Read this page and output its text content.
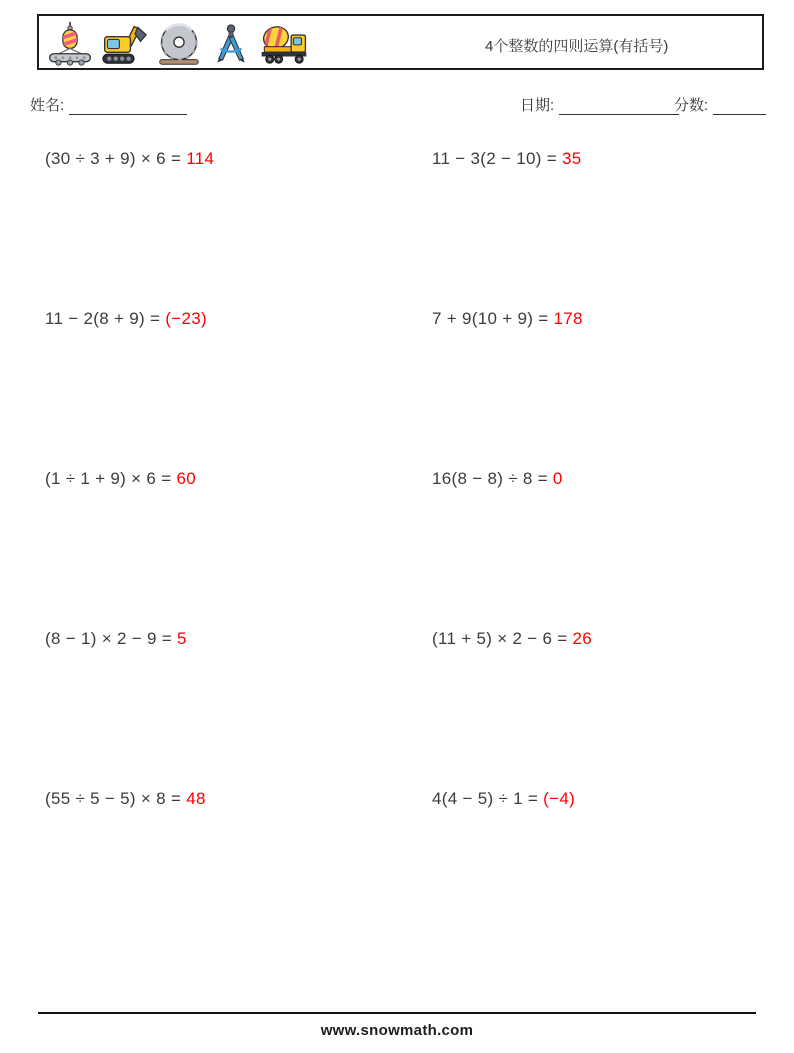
4个整数的四则运算(有括号)
姓名:	日期:	分数:
(30 ÷ 3 + 9) × 6 = 114	11 − 3(2 − 10) = 35
11 − 2(8 + 9) = (−23)	7 + 9(10 + 9) = 178
(1 ÷ 1 + 9) × 6 = 60	16(8 − 8) ÷ 8 = 0
(8 − 1) × 2 − 9 = 5	(11 + 5) × 2 − 6 = 26
(55 ÷ 5 − 5) × 8 = 48	4(4 − 5) ÷ 1 = (−4)
www.snowmath.com
